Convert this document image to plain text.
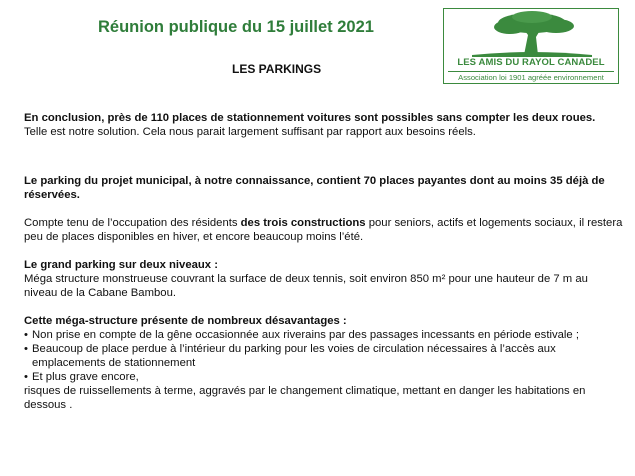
Réunion publique du 15 juillet 2021
LES PARKINGS	LES AMIS DU RAYOL CANADEL
Association loi 1901 agréée environnement

En conclusion, près de 110 places de stationnement voitures sont possibles sans compter les deux roues.

Telle est notre solution. Cela nous parait largement suffisant par rapport aux besoins réels.

Le parking du projet municipal, à notre connaissance, contient 70 places payantes dont au moins 35 déjà de réservées.

Compte tenu de l’occupation des résidents des trois constructions pour seniors, actifs et logements sociaux, il restera peu de places disponibles en hiver, et encore beaucoup moins l’été.

Le grand parking sur deux niveaux :

Méga structure monstrueuse couvrant la surface de deux tennis, soit environ 850 m² pour une hauteur de 7 m au niveau de la Cabane Bambou.

Cette méga-structure présente de nombreux désavantages :

• Non prise en compte de la gêne occasionnée aux riverains par des passages incessants en période estivale ;
• Beaucoup de place perdue à l’intérieur du parking pour les voies de circulation nécessaires à l’accès aux emplacements de stationnement
• Et plus grave encore,

risques de ruissellements à terme, aggravés par le changement climatique, mettant en danger les habitations en dessous .
